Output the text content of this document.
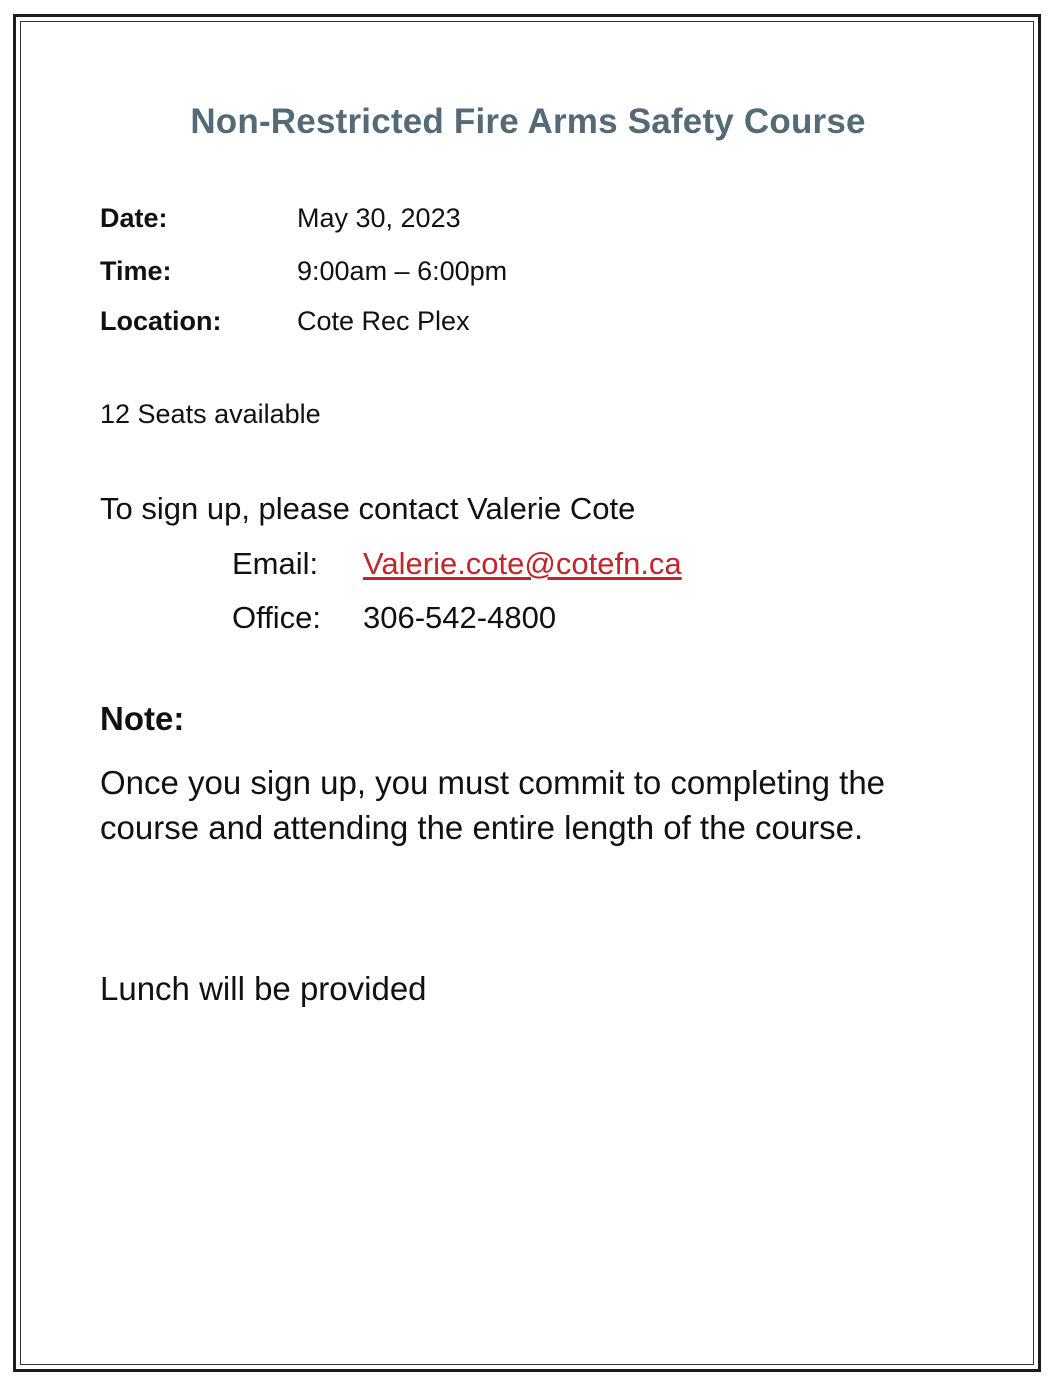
Non-Restricted Fire Arms Safety Course
Date:	May 30, 2023
Time:	9:00am – 6:00pm
Location:	Cote Rec Plex
12 Seats available
To sign up, please contact Valerie Cote
Email: Valerie.cote@cotefn.ca
Office: 306-542-4800
Note:
Once you sign up, you must commit to completing the course and attending the entire length of the course.
Lunch will be provided
